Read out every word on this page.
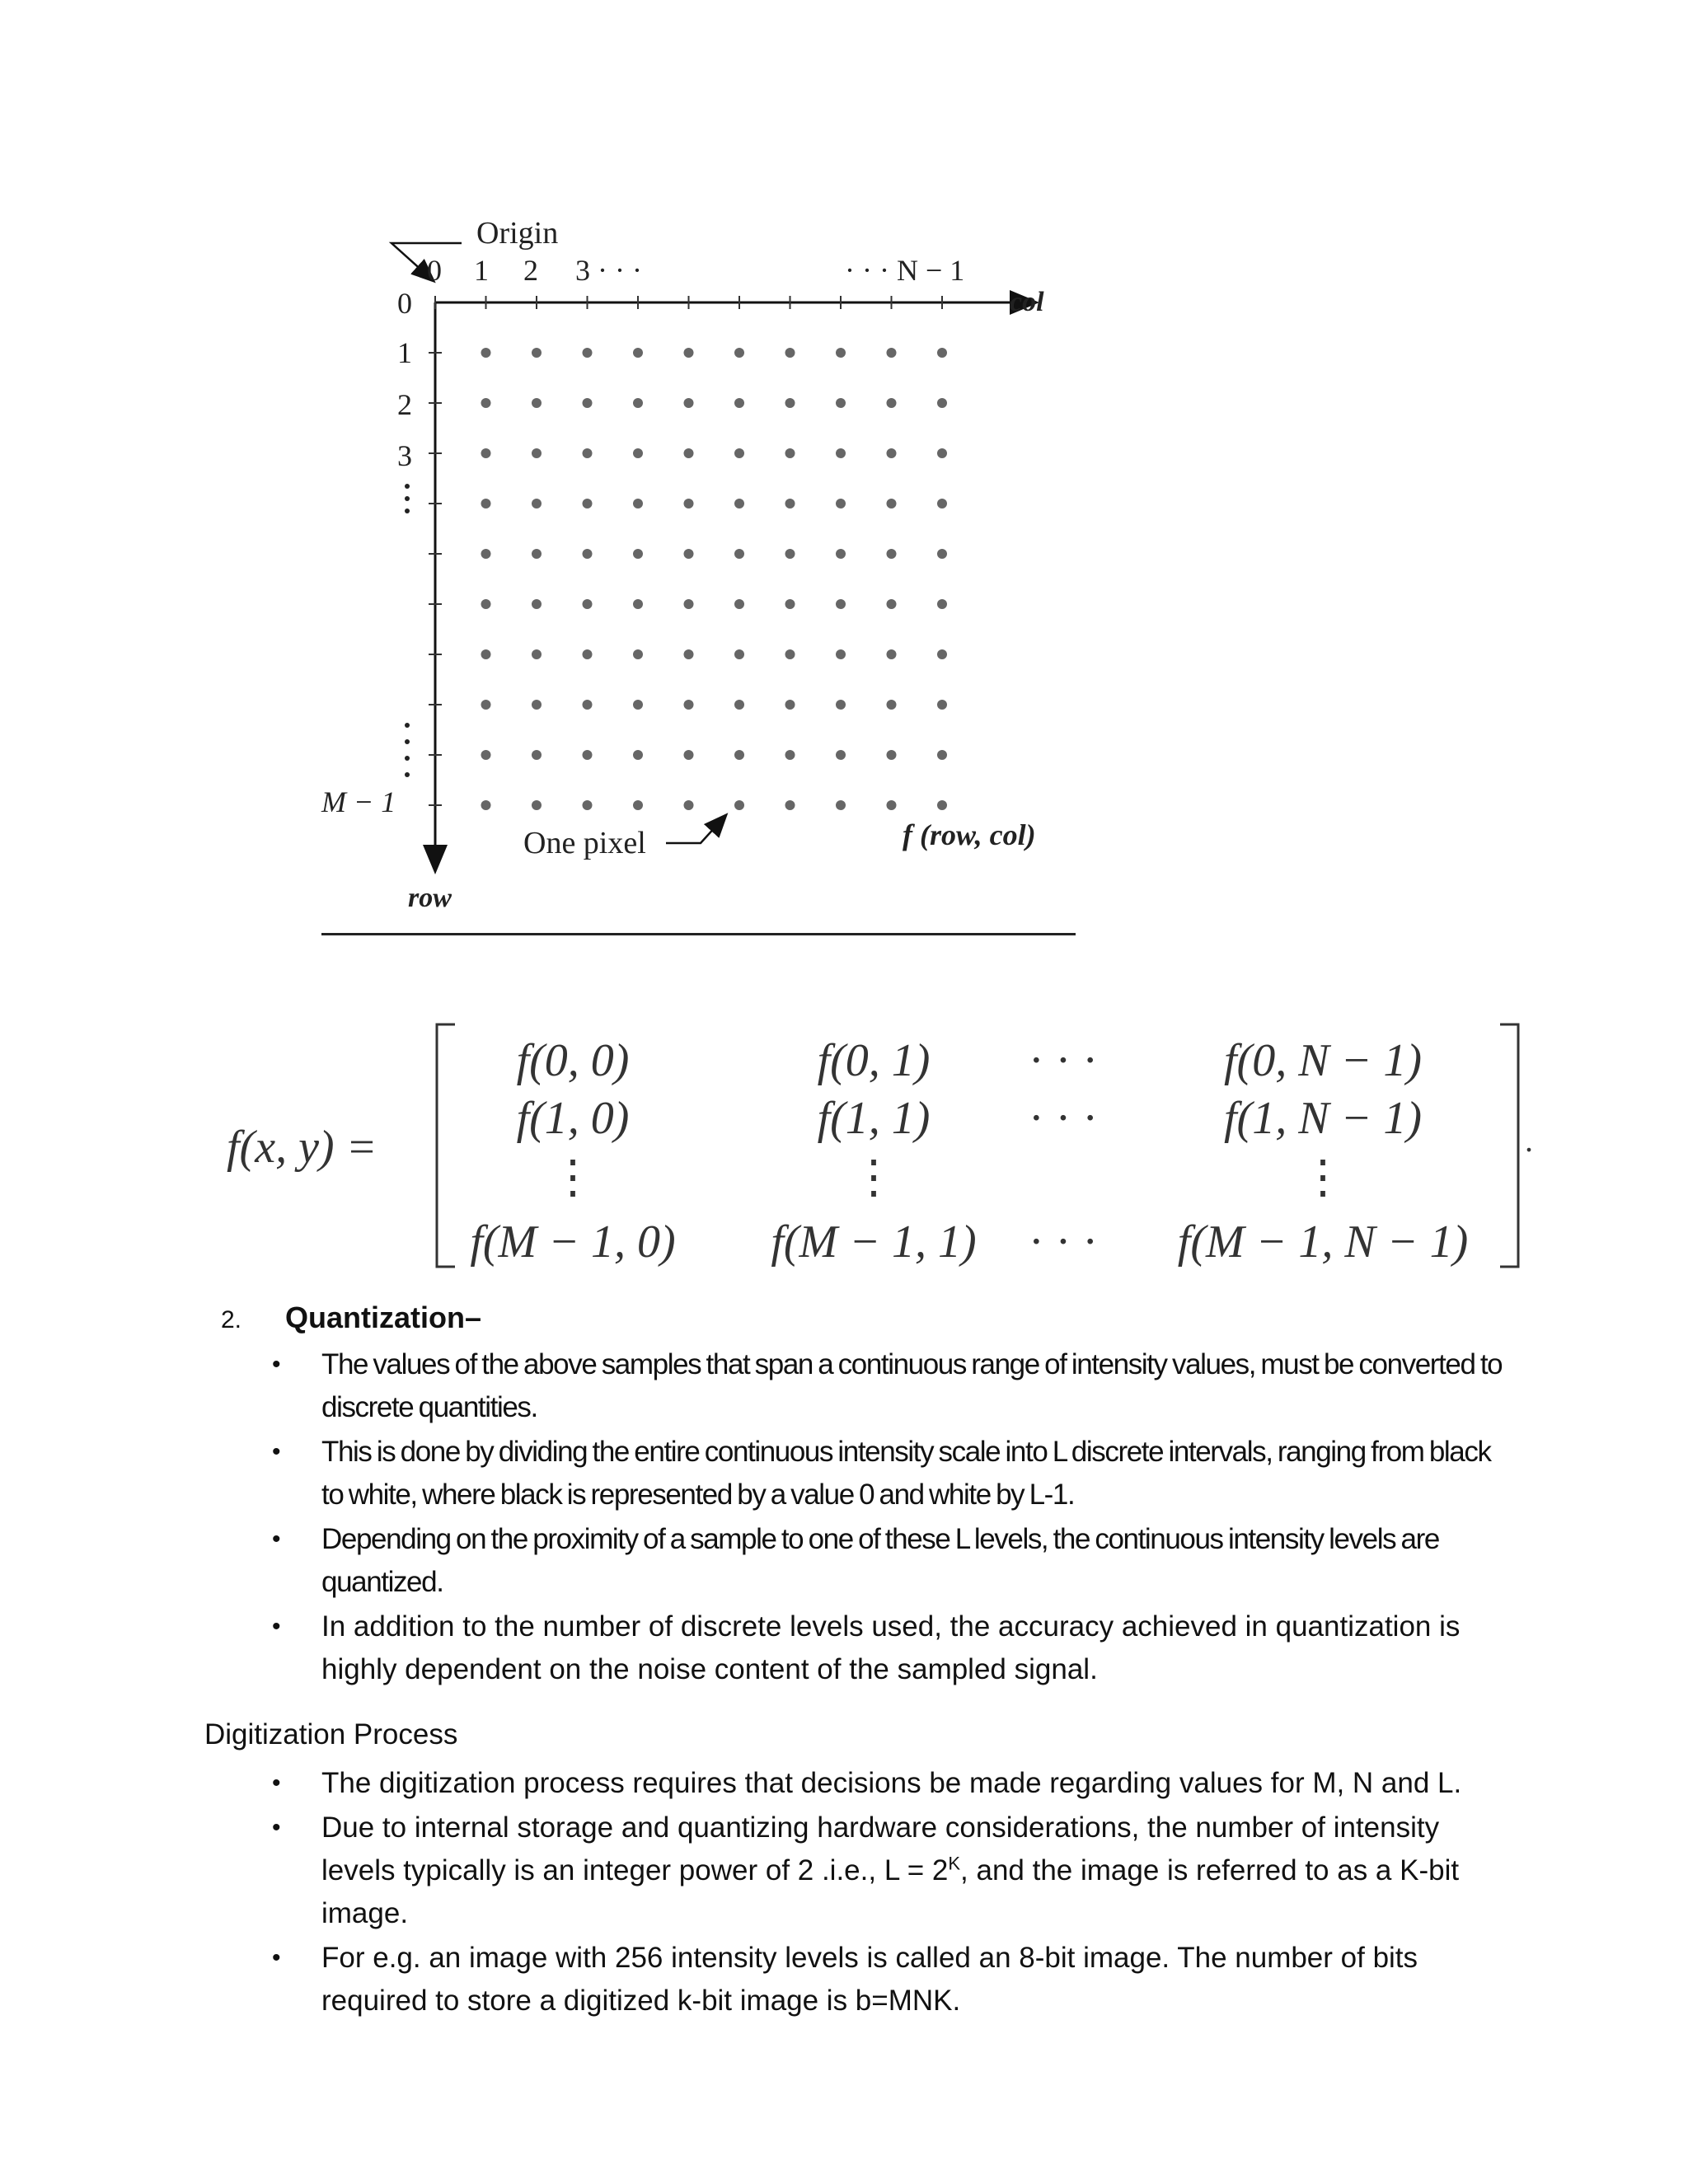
Origin
0 1 2 3 · · ·	· · · N − 1
col
row
0
1
2
3
M − 1
One pixel	f (row, col)
f(x, y) =	.
f(0, 0)	f(0, 1) · · ·	f(0, N − 1)
f(1, 0)	f(1, 1) · · ·	f(1, N − 1)
⋮	⋮	⋮
f(M − 1, 0) f(M − 1, 1) · · · f(M − 1, N − 1)
2.	Quantization–
• The values of the above samples that span a continuous range of intensity values, must be converted to discrete quantities.
• This is done by dividing the entire continuous intensity scale into L discrete intervals, ranging from black to white, where black is represented by a value 0 and white by L-1.
• Depending on the proximity of a sample to one of these L levels, the continuous intensity levels are quantized.
• In addition to the number of discrete levels used, the accuracy achieved in quantization is highly dependent on the noise content of the sampled signal.
Digitization Process
• The digitization process requires that decisions be made regarding values for M, N and L.
• Due to internal storage and quantizing hardware considerations, the number of intensity levels typically is an integer power of 2 .i.e., $L = 2^K$, and the image is referred to as a K-bit image.
• For e.g. an image with 256 intensity levels is called an 8-bit image. The number of bits required to store a digitized k-bit image is b=MNK.
